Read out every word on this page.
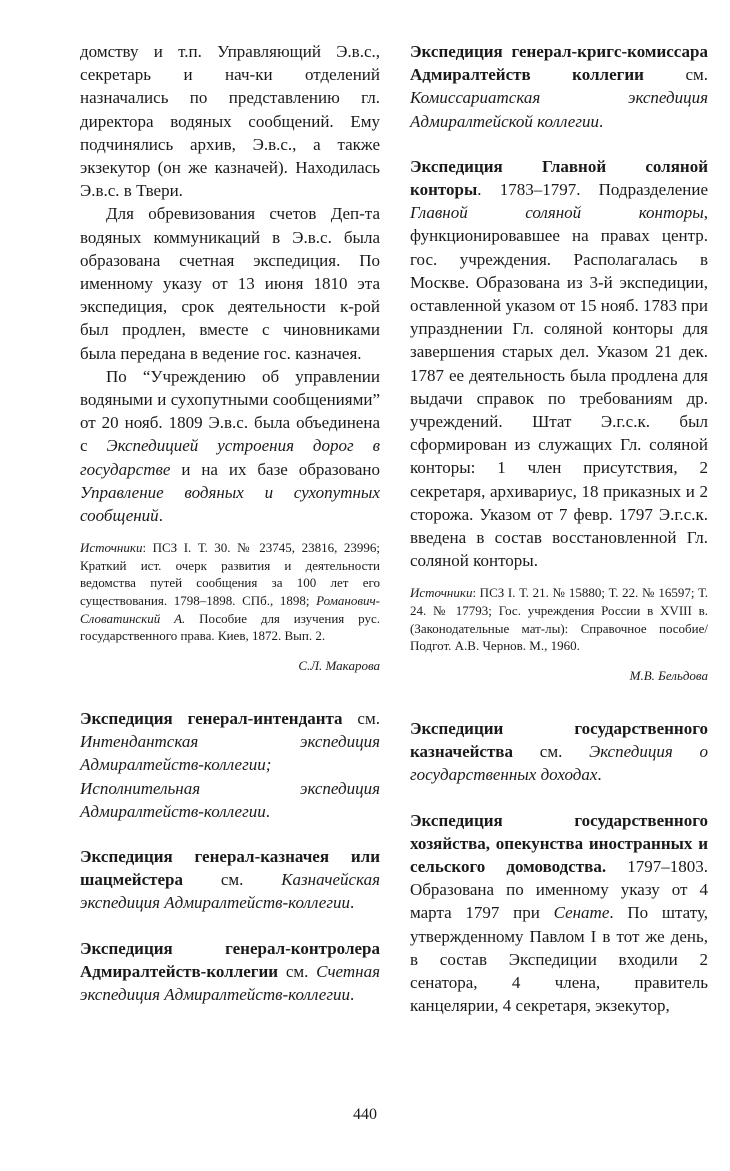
домству и т.п. Управляющий Э.в.с., секретарь и нач-ки отделений назначались по представлению гл. директора водяных сообщений. Ему подчинялись архив, Э.в.с., а также экзекутор (он же казначей). Находилась Э.в.с. в Твери.

Для обревизования счетов Деп-та водяных коммуникаций в Э.в.с. была образована счетная экспедиция. По именному указу от 13 июня 1810 эта экспедиция, срок деятельности к-рой был продлен, вместе с чиновниками была передана в ведение гос. казначея.

По “Учреждению об управлении водяными и сухопутными сообщениями” от 20 нояб. 1809 Э.в.с. была объединена с Экспедицией устроения дорог в государстве и на их базе образовано Управление водяных и сухопутных сообщений.

Источники: ПСЗ I. Т. 30. № 23745, 23816, 23996; Краткий ист. очерк развития и деятельности ведомства путей сообщения за 100 лет его существования. 1798–1898. СПб., 1898; Романович-Словатинский А. Пособие для изучения рус. государственного права. Киев, 1872. Вып. 2.

С.Л. Макарова

Экспедиция генерал-интенданта см. Интендантская экспедиция Адмиралтейств-коллегии; Исполнительная экспедиция Адмиралтейств-коллегии.

Экспедиция генерал-казначея или шацмейстера см. Казначейская экспедиция Адмиралтейств-коллегии.

Экспедиция генерал-контролера Адмиралтейств-коллегии см. Счетная экспедиция Адмиралтейств-коллегии.

Экспедиция генерал-кригс-комиссара Адмиралтейств коллегии см. Комиссариатская экспедиция Адмиралтейской коллегии.

Экспедиция Главной соляной конторы. 1783–1797. Подразделение Главной соляной конторы, функционировавшее на правах центр. гос. учреждения. Располагалась в Москве. Образована из 3-й экспедиции, оставленной указом от 15 нояб. 1783 при упразднении Гл. соляной конторы для завершения старых дел. Указом 21 дек. 1787 ее деятельность была продлена для выдачи справок по требованиям др. учреждений. Штат Э.г.с.к. был сформирован из служащих Гл. соляной конторы: 1 член присутствия, 2 секретаря, архивариус, 18 приказных и 2 сторожа. Указом от 7 февр. 1797 Э.г.с.к. введена в состав восстановленной Гл. соляной конторы.

Источники: ПСЗ I. Т. 21. № 15880; Т. 22. № 16597; Т. 24. № 17793; Гос. учреждения России в XVIII в. (Законодательные мат-лы): Справочное пособие/ Подгот. А.В. Чернов. М., 1960.

М.В. Бельдова

Экспедиции государственного казначейства см. Экспедиция о государственных доходах.

Экспедиция государственного хозяйства, опекунства иностранных и сельского домоводства. 1797–1803. Образована по именному указу от 4 марта 1797 при Сенате. По штату, утвержденному Павлом I в тот же день, в состав Экспедиции входили 2 сенатора, 4 члена, правитель канцелярии, 4 секретаря, экзекутор,

440
